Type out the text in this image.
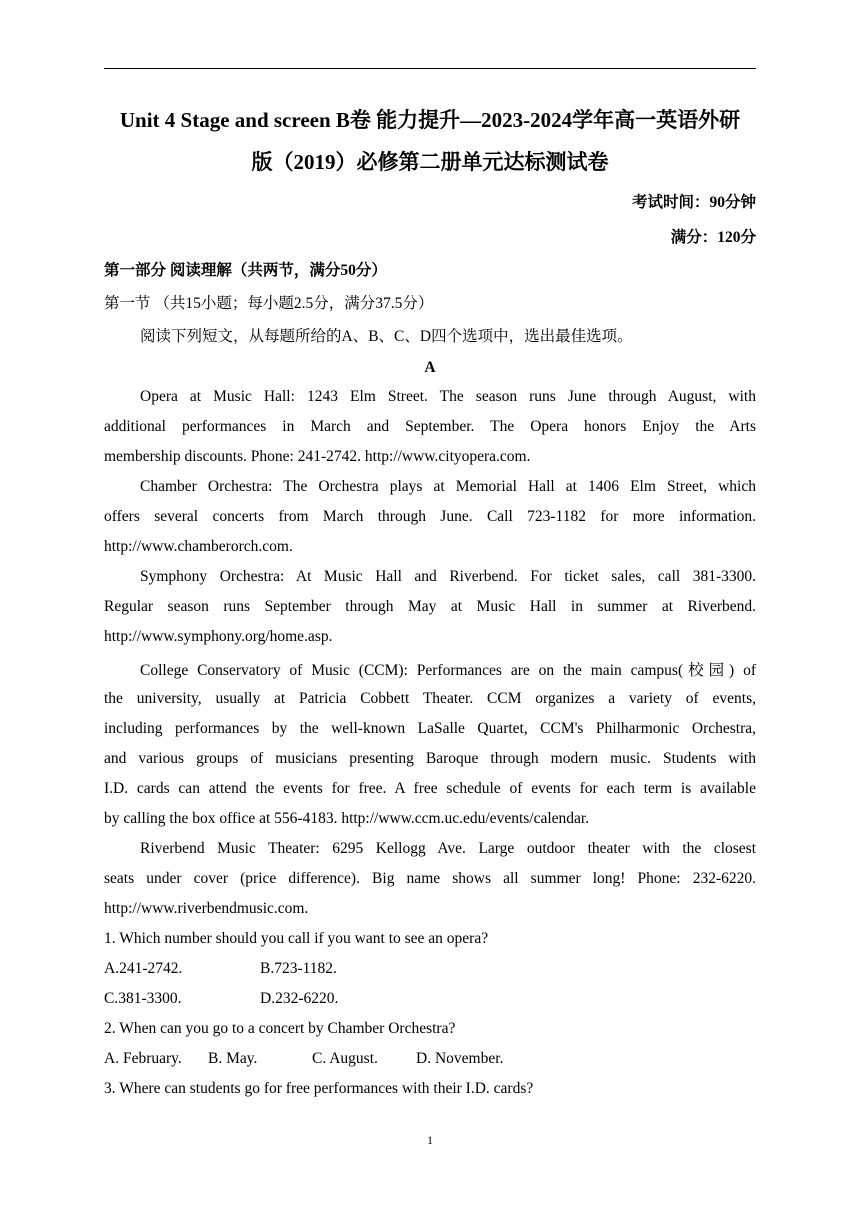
Unit 4 Stage and screen B卷 能力提升—2023-2024学年高一英语外研
版（2019）必修第二册单元达标测试卷
考试时间：90分钟
满分：120分
第一部分 阅读理解（共两节，满分50分）
第一节 （共15小题；每小题2.5分，满分37.5分）
阅读下列短文，从每题所给的A、B、C、D四个选项中，选出最佳选项。
A
Opera at Music Hall: 1243 Elm Street. The season runs June through August, with
additional performances in March and September. The Opera honors Enjoy the Arts
membership discounts. Phone: 241-2742. http://www.cityopera.com.
Chamber Orchestra: The Orchestra plays at Memorial Hall at 1406 Elm Street, which
offers several concerts from March through June. Call 723-1182 for more information.
http://www.chamberorch.com.
Symphony Orchestra: At Music Hall and Riverbend. For ticket sales, call 381-3300.
Regular season runs September through May at Music Hall in summer at Riverbend.
http://www.symphony.org/home.asp.
College Conservatory of Music (CCM): Performances are on the main campus(校园) of
the university, usually at Patricia Cobbett Theater. CCM organizes a variety of events,
including performances by the well-known LaSalle Quartet, CCM's Philharmonic Orchestra,
and various groups of musicians presenting Baroque through modern music. Students with
I.D. cards can attend the events for free. A free schedule of events for each term is available
by calling the box office at 556-4183. http://www.ccm.uc.edu/events/calendar.
Riverbend Music Theater: 6295 Kellogg Ave. Large outdoor theater with the closest
seats under cover (price difference). Big name shows all summer long! Phone: 232-6220.
http://www.riverbendmusic.com.
1. Which number should you call if you want to see an opera?
A.241-2742.	B.723-1182.
C.381-3300.	D.232-6220.
2. When can you go to a concert by Chamber Orchestra?
A. February. B. May.	C. August. D. November.
3. Where can students go for free performances with their I.D. cards?
1
